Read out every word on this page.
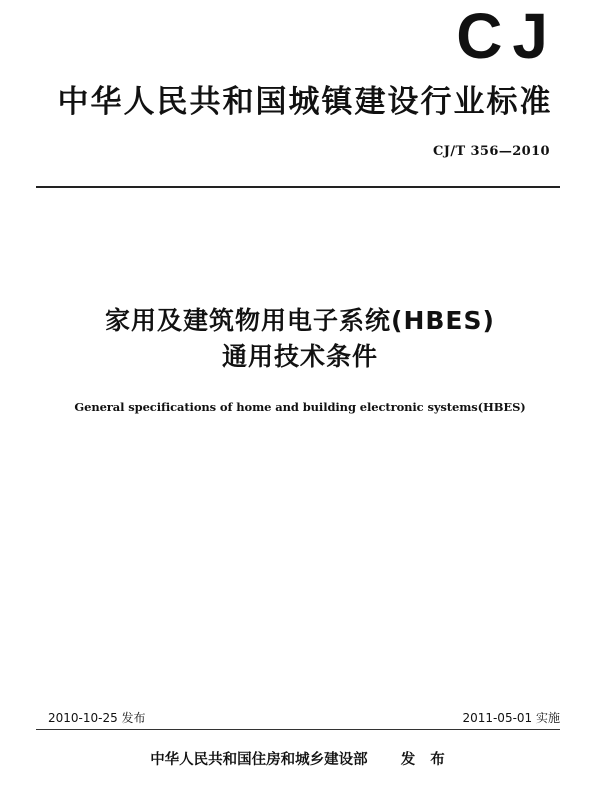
CJ
中华人民共和国城镇建设行业标准
CJ/T 356—2010
家用及建筑物用电子系统(HBES)
通用技术条件
General specifications of home and building electronic systems(HBES)
2010-10-25 发布	2011-05-01 实施
中华人民共和国住房和城乡建设部 发 布
